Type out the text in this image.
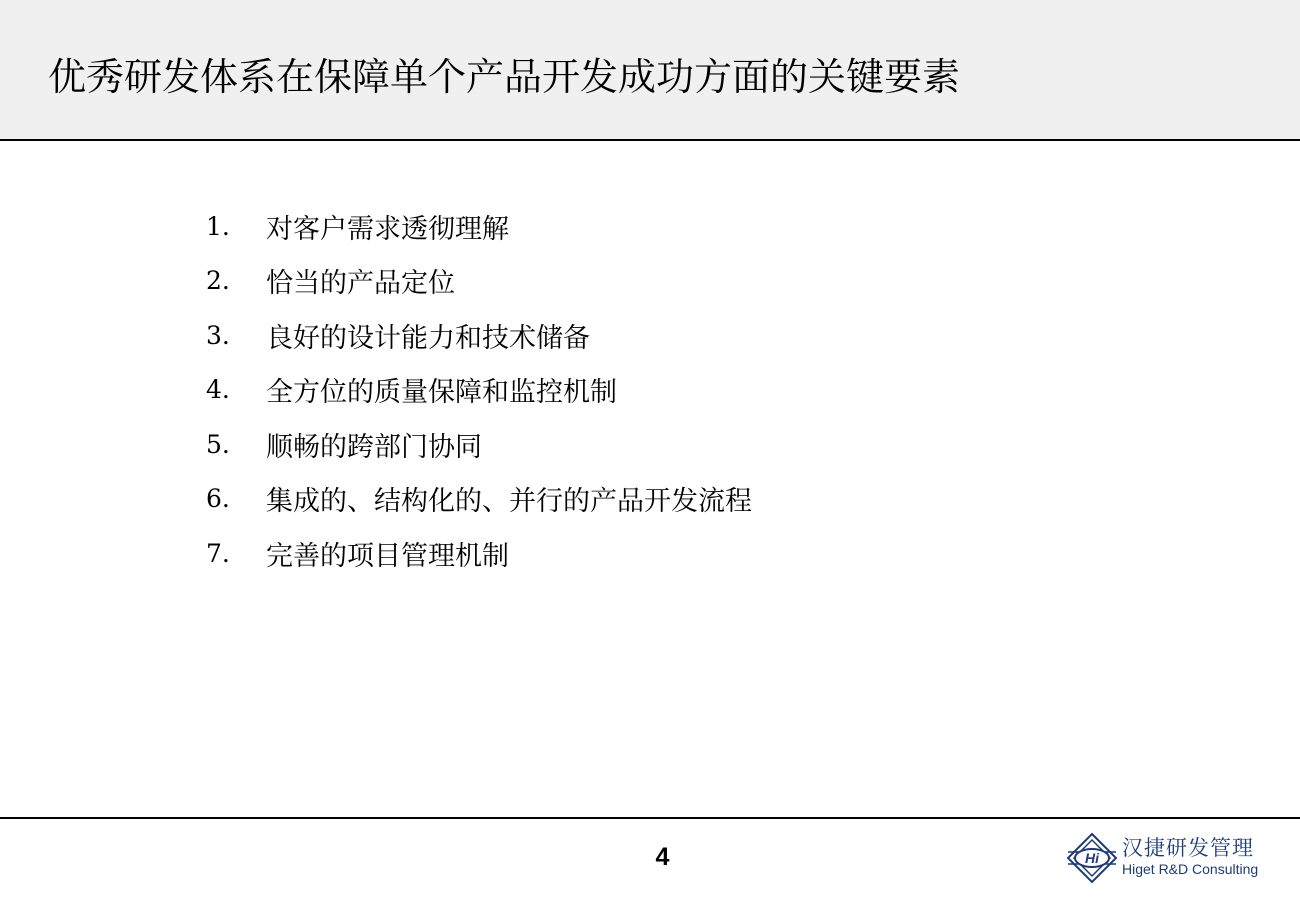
优秀研发体系在保障单个产品开发成功方面的关键要素
1.	对客户需求透彻理解
2.	恰当的产品定位
3.	良好的设计能力和技术储备
4.	全方位的质量保障和监控机制
5.	顺畅的跨部门协同
6.	集成的、结构化的、并行的产品开发流程
7.	完善的项目管理机制
4	Hi 汉捷研发管理
Higet R&D Consulting
